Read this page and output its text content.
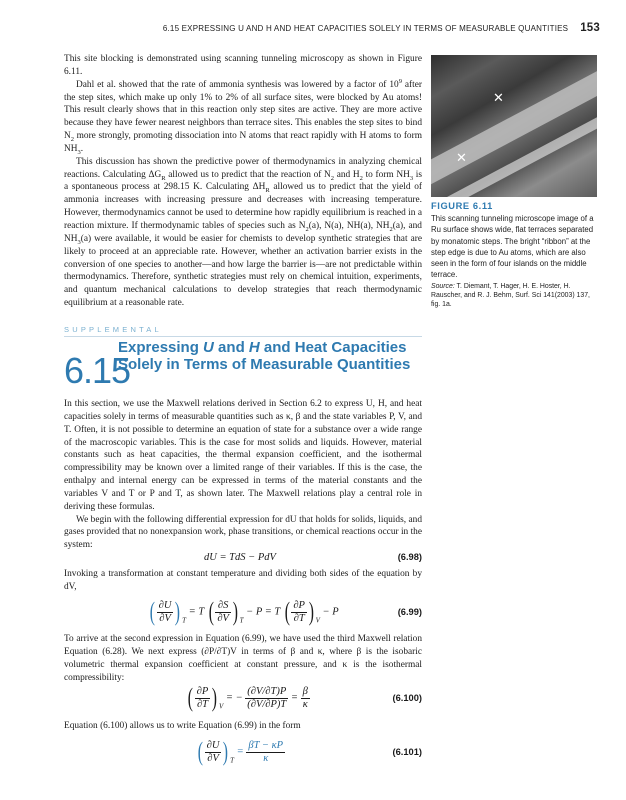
6.15 EXPRESSING U AND H AND HEAT CAPACITIES SOLELY IN TERMS OF MEASURABLE QUANTITIES 153

This site blocking is demonstrated using scanning tunneling microscopy as shown in Figure 6.11.

Dahl et al. showed that the rate of ammonia synthesis was lowered by a factor of $10^9$ after the step sites, which make up only 1% to 2% of all surface sites, were blocked by Au atoms! This result clearly shows that in this reaction only step sites are active. They are more active because they have fewer nearest neighbors than terrace sites. This enables the step sites to bind $N_2$ more strongly, promoting dissociation into N atoms that react rapidly with H atoms to form $NH_3$.

This discussion has shown the predictive power of thermodynamics in analyzing chemical reactions. Calculating $\Delta G_R$ allowed us to predict that the reaction of $N_2$ and $H_2$ to form $NH_3$ is a spontaneous process at 298.15 K. Calculating $\Delta H_R$ allowed us to predict that the yield of ammonia increases with increasing pressure and decreases with increasing temperature. However, thermodynamics cannot be used to determine how rapidly equilibrium is reached in a reaction mixture. If thermodynamic tables of species such as $N_2(a)$, N(a), NH(a), $NH_2(a)$, and $NH_3(a)$ were available, it would be easier for chemists to develop synthetic strategies that are likely to proceed at an appreciable rate. However, whether an activation barrier exists in the conversion of one species to another—and how large the barrier is—are not predictable within thermodynamics. Therefore, synthetic strategies must rely on chemical intuition, experiments, and quantum mechanical calculations to develop strategies that reach thermodynamic equilibrium at a reasonable rate.

✕
✕
FIGURE 6.11
This scanning tunneling microscope image of a Ru surface shows wide, flat terraces separated by monatomic steps. The bright “ribbon” at the step edge is due to Au atoms, which are also seen in the form of four islands on the middle terrace.
Source: T. Diemant, T. Hager, H. E. Hoster, H. Rauscher, and R. J. Behm, Surf. Sci 141(2003) 137, fig. 1a.
SUPPLEMENTAL
6.15
Expressing U and H and Heat Capacities Solely in Terms of Measurable Quantities

In this section, we use the Maxwell relations derived in Section 6.2 to express U, H, and heat capacities solely in terms of measurable quantities such as κ, β and the state variables P, V, and T. Often, it is not possible to determine an equation of state for a substance over a wide range of the macroscopic variables. This is the case for most solids and liquids. However, material constants such as heat capacities, the thermal expansion coefficient, and the isothermal compressibility may be known over a limited range of their variables. If this is the case, the enthalpy and internal energy can be expressed in terms of the material constants and the variables V and T or P and T, as shown later. The Maxwell relations play a central role in deriving these formulas.

We begin with the following differential expression for dU that holds for solids, liquids, and gases provided that no nonexpansion work, phase transitions, or chemical reactions occur in the system:

dU = TdS − PdV	(6.98)

Invoking a transformation at constant temperature and dividing both sides of the equation by dV,

( $\frac{\partial U}{\partial V}$ ) $_T$ = T ( $\frac{\partial S}{\partial V}$ ) $_T$ − P = T ( $\frac{\partial P}{\partial T}$ ) $_V$ − P	(6.99)

To arrive at the second expression in Equation (6.99), we have used the third Maxwell relation Equation (6.28). We next express (∂P/∂T)V in terms of β and κ, where β is the isobaric volumetric thermal expansion coefficient at constant pressure, and κ is the isothermal compressibility:

( $\frac{\partial P}{\partial T}$ ) $_V$ = − $\frac{(\partial V/\partial T)P}{(\partial V/\partial P)T} = \frac{\beta}{\kappa}$	(6.100)

Equation (6.100) allows us to write Equation (6.99) in the form

( $\frac{\partial U}{\partial V}$ ) $_T = \frac{\beta T - \kappa P}{\kappa}$	(6.101)
